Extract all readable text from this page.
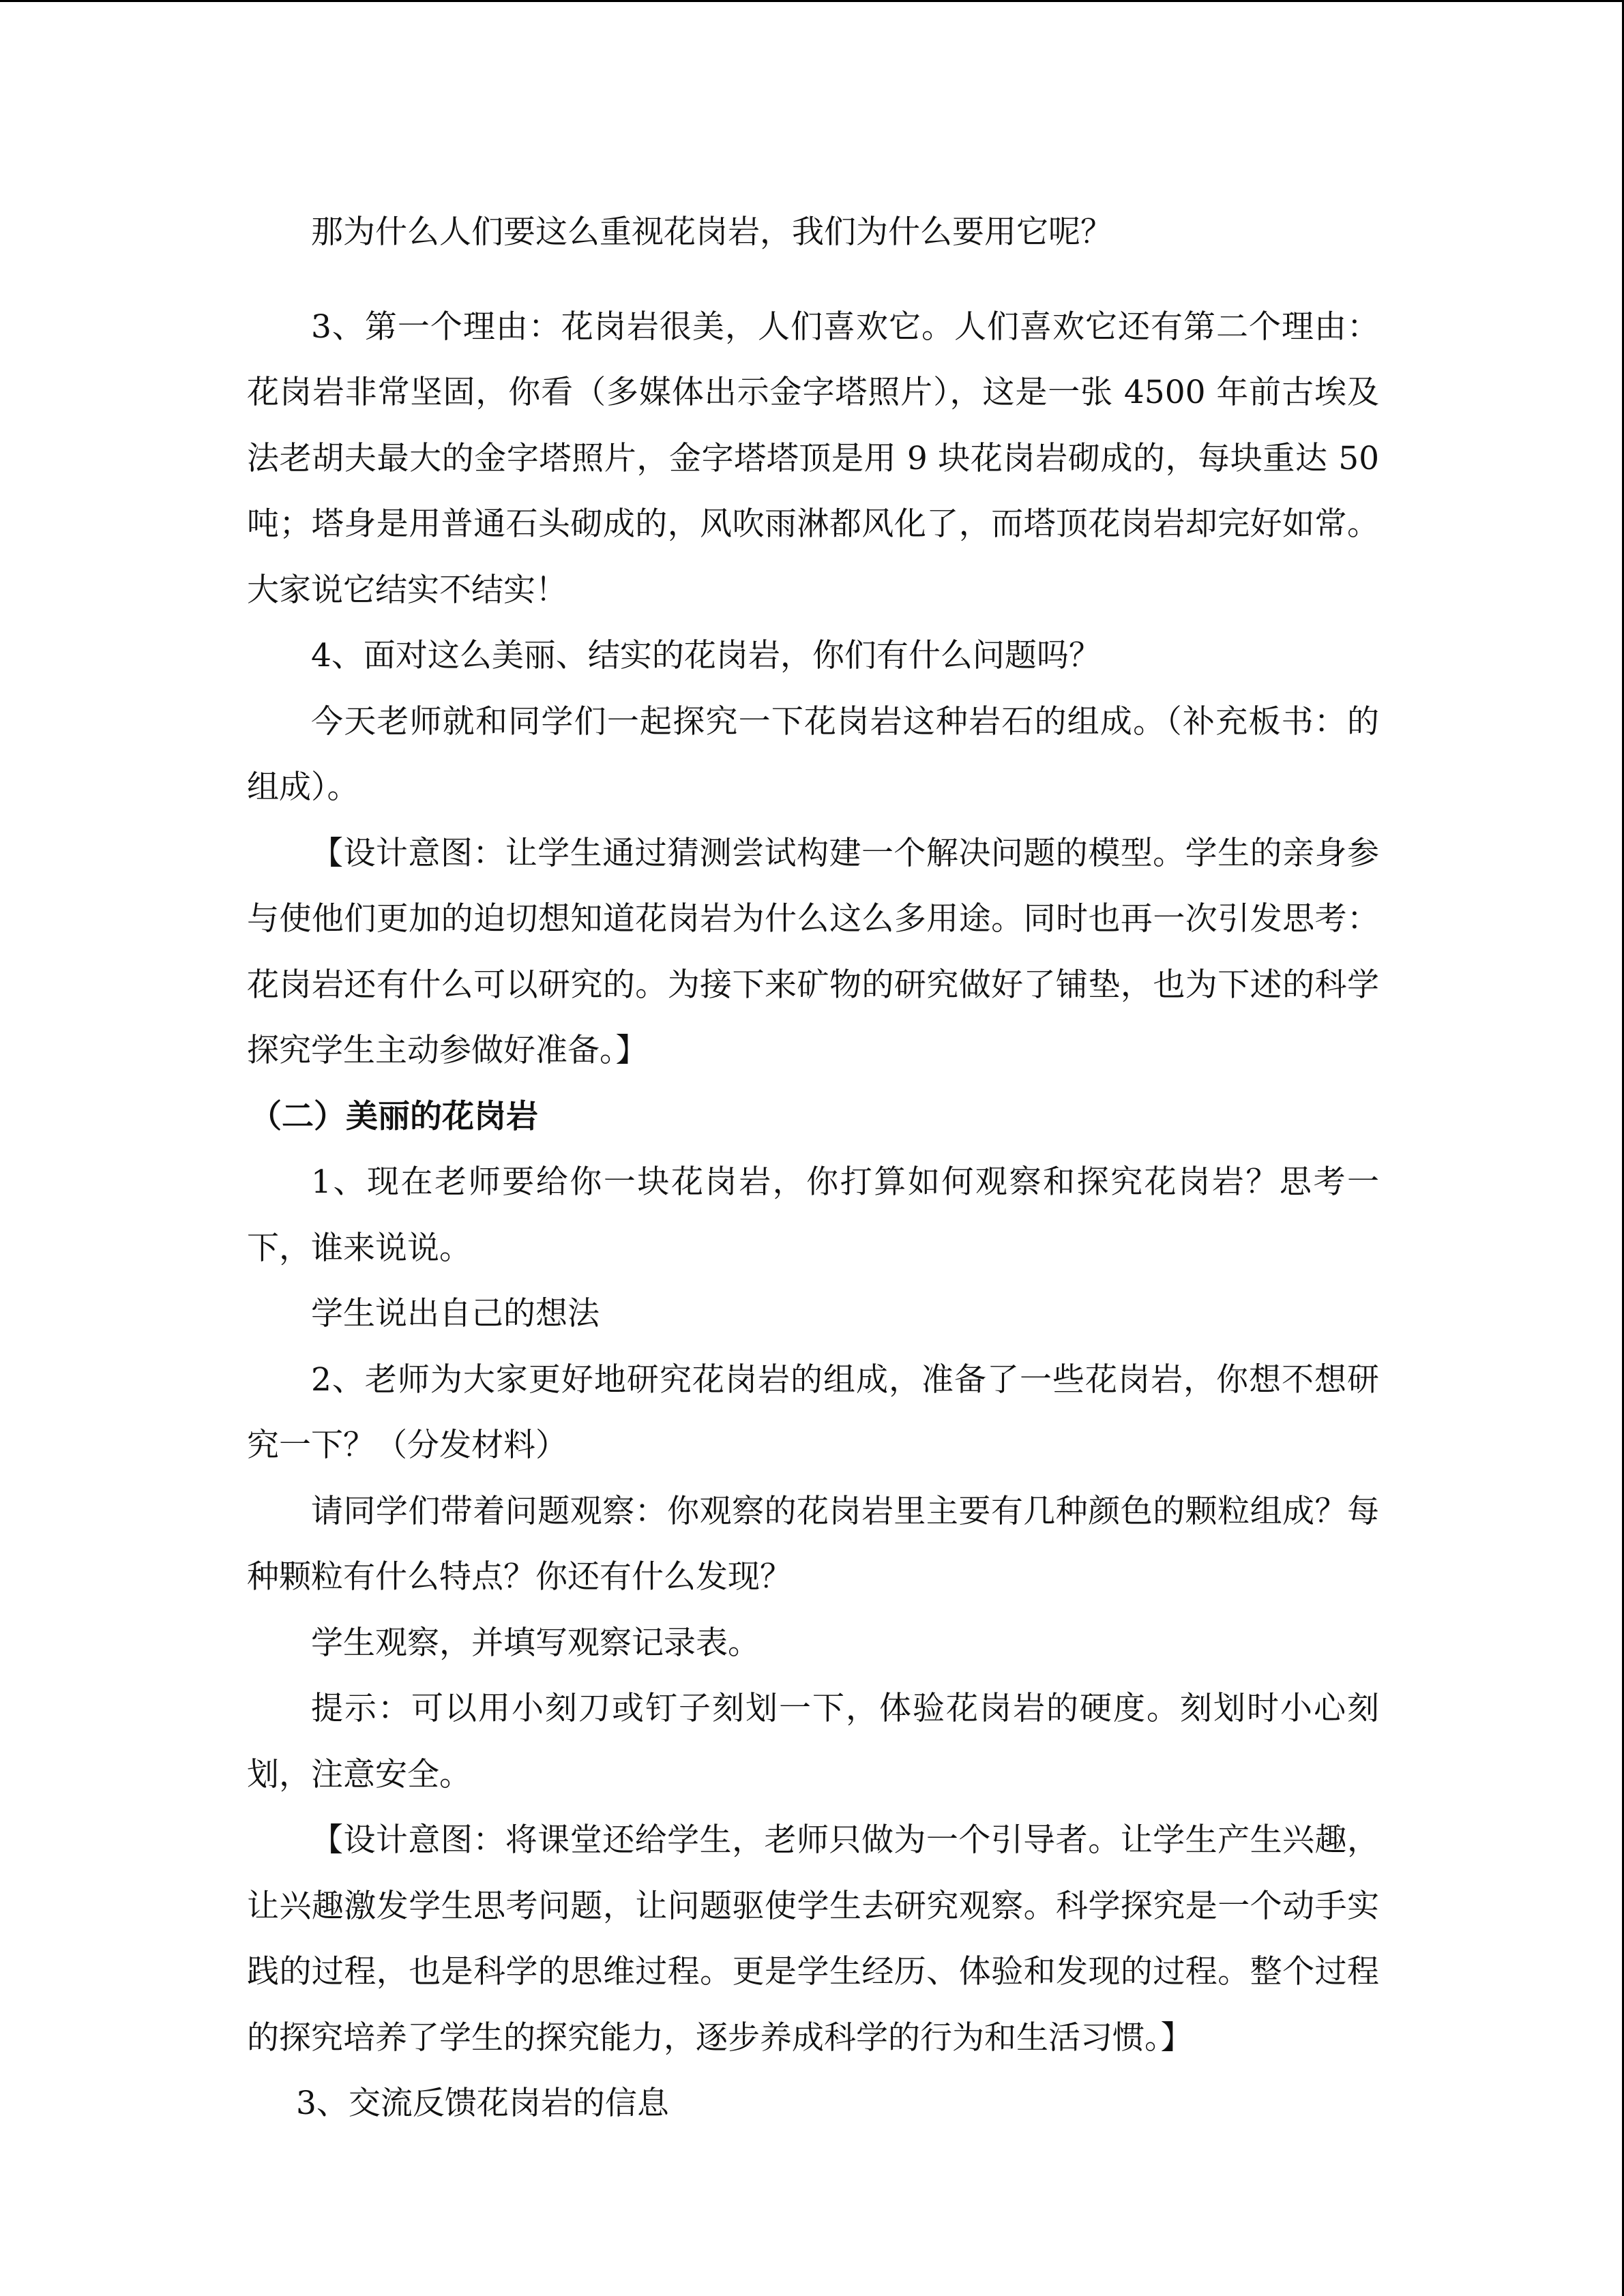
那为什么人们要这么重视花岗岩，我们为什么要用它呢？

3、第一个理由：花岗岩很美，人们喜欢它。人们喜欢它还有第二个理由：花岗岩非常坚固，你看（多媒体出示金字塔照片），这是一张 4500 年前古埃及法老胡夫最大的金字塔照片，金字塔塔顶是用 9 块花岗岩砌成的，每块重达 50 吨；塔身是用普通石头砌成的，风吹雨淋都风化了，而塔顶花岗岩却完好如常。大家说它结实不结实！

4、面对这么美丽、结实的花岗岩，你们有什么问题吗？

今天老师就和同学们一起探究一下花岗岩这种岩石的组成。（补充板书：的组成）。

【设计意图：让学生通过猜测尝试构建一个解决问题的模型。学生的亲身参与使他们更加的迫切想知道花岗岩为什么这么多用途。同时也再一次引发思考：花岗岩还有什么可以研究的。为接下来矿物的研究做好了铺垫，也为下述的科学探究学生主动参做好准备。】

（二）美丽的花岗岩

1、现在老师要给你一块花岗岩，你打算如何观察和探究花岗岩？思考一下，谁来说说。

学生说出自己的想法

2、老师为大家更好地研究花岗岩的组成，准备了一些花岗岩，你想不想研究一下？（分发材料）

请同学们带着问题观察：你观察的花岗岩里主要有几种颜色的颗粒组成？每种颗粒有什么特点？你还有什么发现？

学生观察，并填写观察记录表。

提示：可以用小刻刀或钉子刻划一下，体验花岗岩的硬度。刻划时小心刻划，注意安全。

【设计意图：将课堂还给学生，老师只做为一个引导者。让学生产生兴趣，让兴趣激发学生思考问题，让问题驱使学生去研究观察。科学探究是一个动手实践的过程，也是科学的思维过程。更是学生经历、体验和发现的过程。整个过程的探究培养了学生的探究能力，逐步养成科学的行为和生活习惯。】

3、交流反馈花岗岩的信息
